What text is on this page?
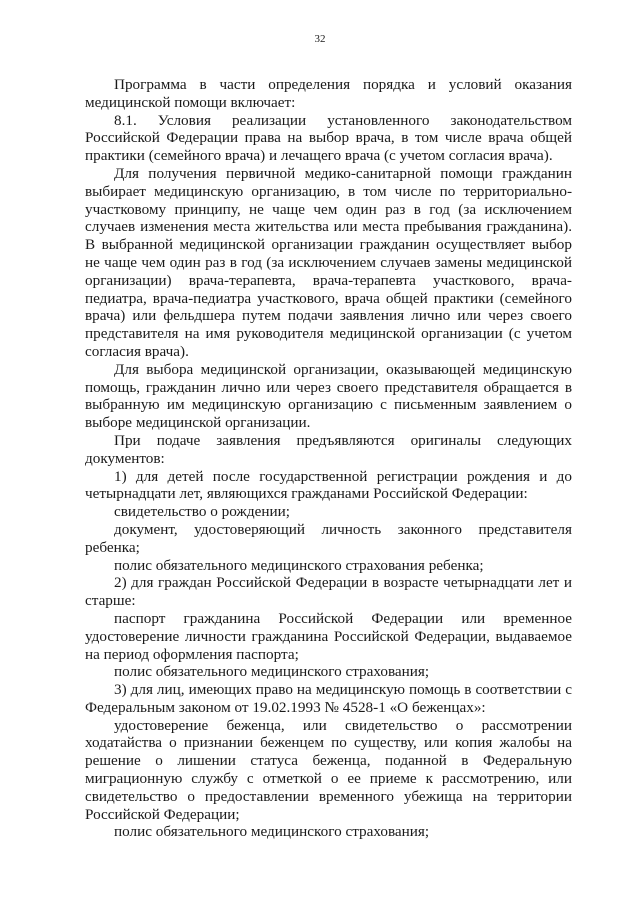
32

Программа в части определения порядка и условий оказания медицинской помощи включает:

8.1. Условия реализации установленного законодательством Российской Федерации права на выбор врача, в том числе врача общей практики (семейного врача) и лечащего врача (с учетом согласия врача).

Для получения первичной медико-санитарной помощи гражданин выбирает медицинскую организацию, в том числе по территориально-участковому принципу, не чаще чем один раз в год (за исключением случаев изменения места жительства или места пребывания гражданина). В выбранной медицинской организации гражданин осуществляет выбор не чаще чем один раз в год (за исключением случаев замены медицинской организации) врача-терапевта, врача-терапевта участкового, врача-педиатра, врача-педиатра участкового, врача общей практики (семейного врача) или фельдшера путем подачи заявления лично или через своего представителя на имя руководителя медицинской организации (с учетом согласия врача).

Для выбора медицинской организации, оказывающей медицинскую помощь, гражданин лично или через своего представителя обращается в выбранную им медицинскую организацию с письменным заявлением о выборе медицинской организации.

При подаче заявления предъявляются оригиналы следующих документов:

1) для детей после государственной регистрации рождения и до четырнадцати лет, являющихся гражданами Российской Федерации:

свидетельство о рождении;

документ, удостоверяющий личность законного представителя ребенка;

полис обязательного медицинского страхования ребенка;

2) для граждан Российской Федерации в возрасте четырнадцати лет и старше:

паспорт гражданина Российской Федерации или временное удостоверение личности гражданина Российской Федерации, выдаваемое на период оформления паспорта;

полис обязательного медицинского страхования;

3) для лиц, имеющих право на медицинскую помощь в соответствии с Федеральным законом от 19.02.1993 № 4528-1 «О беженцах»:

удостоверение беженца, или свидетельство о рассмотрении ходатайства о признании беженцем по существу, или копия жалобы на решение о лишении статуса беженца, поданной в Федеральную миграционную службу с отметкой о ее приеме к рассмотрению, или свидетельство о предоставлении временного убежища на территории Российской Федерации;

полис обязательного медицинского страхования;
